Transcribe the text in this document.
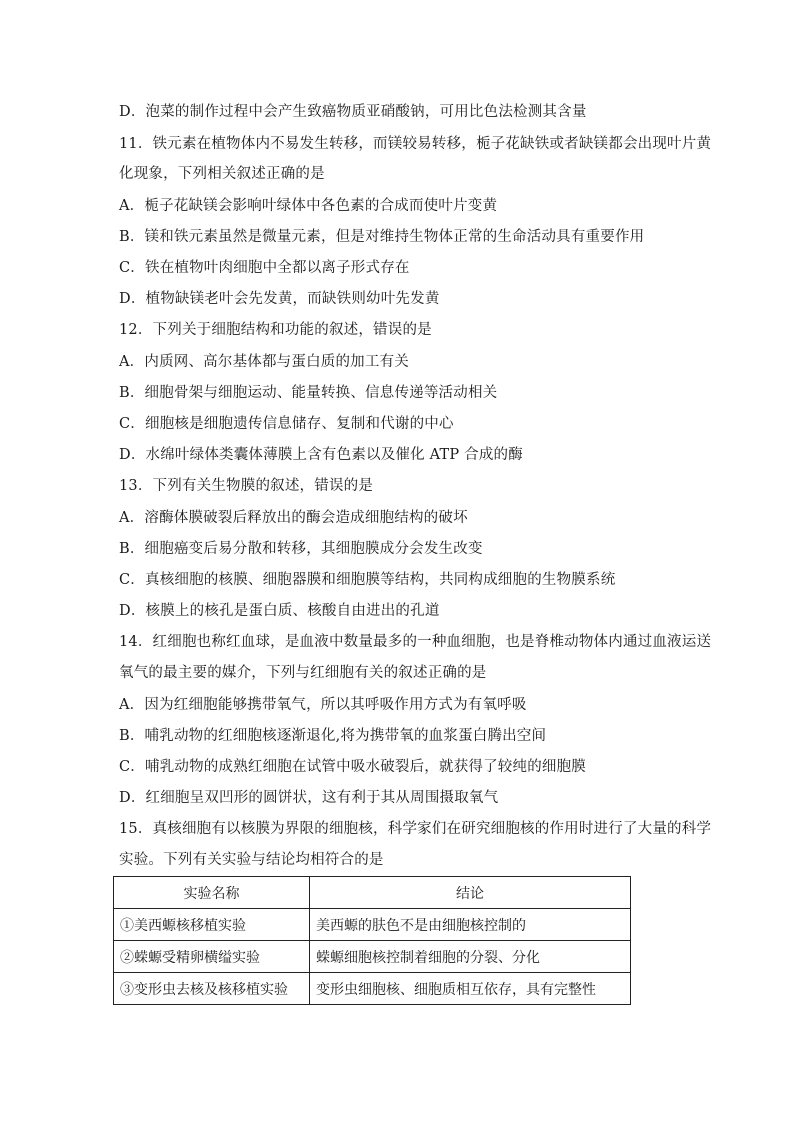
D．泡菜的制作过程中会产生致癌物质亚硝酸钠，可用比色法检测其含量
11．铁元素在植物体内不易发生转移，而镁较易转移，栀子花缺铁或者缺镁都会出现叶片黄
化现象，下列相关叙述正确的是
A．栀子花缺镁会影响叶绿体中各色素的合成而使叶片变黄
B．镁和铁元素虽然是微量元素，但是对维持生物体正常的生命活动具有重要作用
C．铁在植物叶肉细胞中全都以离子形式存在
D．植物缺镁老叶会先发黄，而缺铁则幼叶先发黄
12．下列关于细胞结构和功能的叙述，错误的是
A．内质网、高尔基体都与蛋白质的加工有关
B．细胞骨架与细胞运动、能量转换、信息传递等活动相关
C．细胞核是细胞遗传信息储存、复制和代谢的中心
D．水绵叶绿体类囊体薄膜上含有色素以及催化 ATP 合成的酶
13．下列有关生物膜的叙述，错误的是
A．溶酶体膜破裂后释放出的酶会造成细胞结构的破坏
B．细胞癌变后易分散和转移，其细胞膜成分会发生改变
C．真核细胞的核膜、细胞器膜和细胞膜等结构，共同构成细胞的生物膜系统
D．核膜上的核孔是蛋白质、核酸自由进出的孔道
14．红细胞也称红血球，是血液中数量最多的一种血细胞，也是脊椎动物体内通过血液运送
氧气的最主要的媒介，下列与红细胞有关的叙述正确的是
A．因为红细胞能够携带氧气，所以其呼吸作用方式为有氧呼吸
B．哺乳动物的红细胞核逐渐退化,将为携带氧的血浆蛋白腾出空间
C．哺乳动物的成熟红细胞在试管中吸水破裂后，就获得了较纯的细胞膜
D．红细胞呈双凹形的圆饼状，这有利于其从周围摄取氧气
15．真核细胞有以核膜为界限的细胞核，科学家们在研究细胞核的作用时进行了大量的科学
实验。下列有关实验与结论均相符合的是
实验名称	结论
①美西螈核移植实验	美西螈的肤色不是由细胞核控制的
②蝾螈受精卵横缢实验	蝾螈细胞核控制着细胞的分裂、分化
③变形虫去核及核移植实验	变形虫细胞核、细胞质相互依存，具有完整性
